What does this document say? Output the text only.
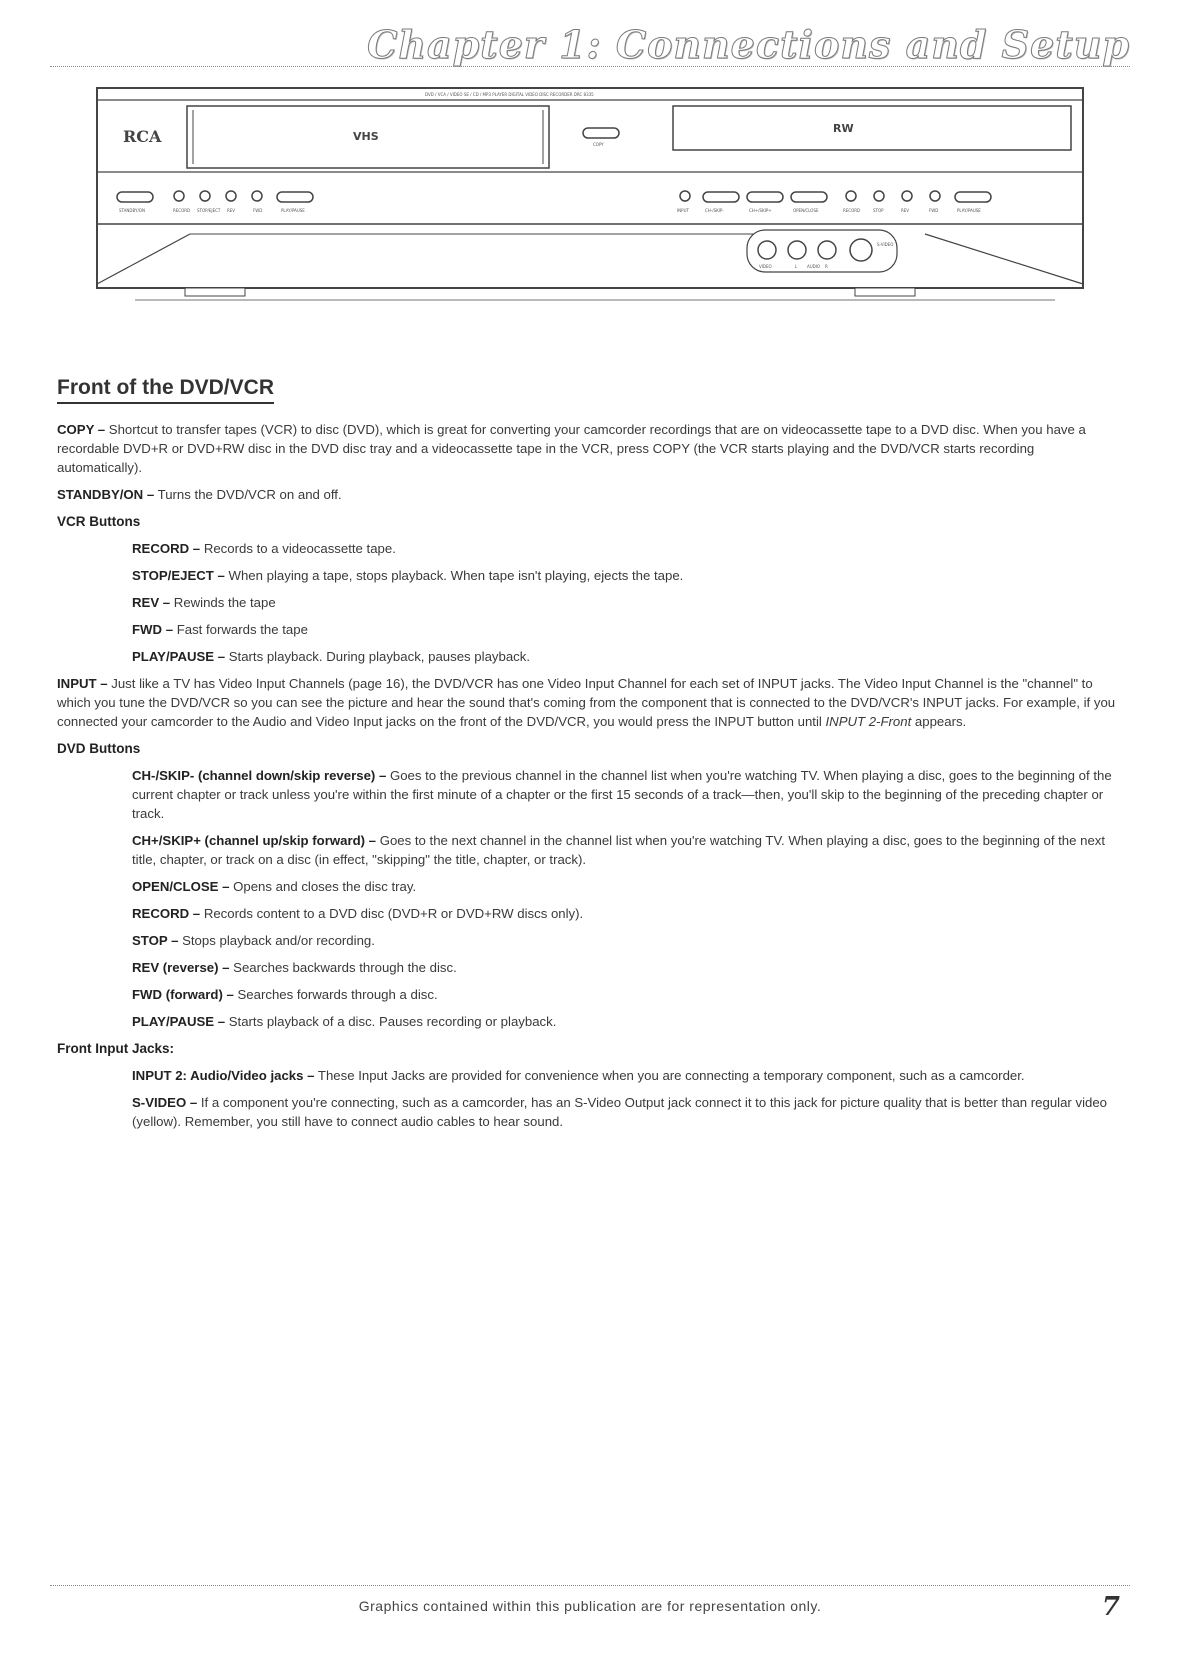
Chapter 1: Connections and Setup
DVD / VCA / VIDEO SE / CD / MP3 PLAYER DIGITAL VIDEO DISC RECORDER DRC 8335
RCA	VHS
COPY
RW
STANDBY/ON	RECORD STOP/EJECT REV	FWD	PLAY/PAUSE	INPUT	CH-/SKIP-	CH+/SKIP+	OPEN/CLOSE	RECORD	STOP	REV	FWD	PLAY/PAUSE
VIDEO	L AUDIO R
S-VIDEO
Front of the DVD/VCR

COPY – Shortcut to transfer tapes (VCR) to disc (DVD), which is great for converting your camcorder recordings that are on videocassette tape to a DVD disc. When you have a recordable DVD+R or DVD+RW disc in the DVD disc tray and a videocassette tape in the VCR, press COPY (the VCR starts playing and the DVD/VCR starts recording automatically).

STANDBY/ON – Turns the DVD/VCR on and off.

VCR Buttons

RECORD – Records to a videocassette tape.

STOP/EJECT – When playing a tape, stops playback. When tape isn't playing, ejects the tape.

REV – Rewinds the tape

FWD – Fast forwards the tape

PLAY/PAUSE – Starts playback. During playback, pauses playback.

INPUT – Just like a TV has Video Input Channels (page 16), the DVD/VCR has one Video Input Channel for each set of INPUT jacks. The Video Input Channel is the "channel" to which you tune the DVD/VCR so you can see the picture and hear the sound that's coming from the component that is connected to the DVD/VCR's INPUT jacks. For example, if you connected your camcorder to the Audio and Video Input jacks on the front of the DVD/VCR, you would press the INPUT button until INPUT 2-Front appears.

DVD Buttons

CH-/SKIP- (channel down/skip reverse) – Goes to the previous channel in the channel list when you're watching TV. When playing a disc, goes to the beginning of the current chapter or track unless you're within the first minute of a chapter or the first 15 seconds of a track—then, you'll skip to the beginning of the preceding chapter or track.

CH+/SKIP+ (channel up/skip forward) – Goes to the next channel in the channel list when you're watching TV. When playing a disc, goes to the beginning of the next title, chapter, or track on a disc (in effect, "skipping" the title, chapter, or track).

OPEN/CLOSE – Opens and closes the disc tray.

RECORD – Records content to a DVD disc (DVD+R or DVD+RW discs only).

STOP – Stops playback and/or recording.

REV (reverse) – Searches backwards through the disc.

FWD (forward) – Searches forwards through a disc.

PLAY/PAUSE – Starts playback of a disc. Pauses recording or playback.

Front Input Jacks:

INPUT 2: Audio/Video jacks – These Input Jacks are provided for convenience when you are connecting a temporary component, such as a camcorder.

S-VIDEO – If a component you're connecting, such as a camcorder, has an S-Video Output jack connect it to this jack for picture quality that is better than regular video (yellow). Remember, you still have to connect audio cables to hear sound.

Graphics contained within this publication are for representation only.	7
